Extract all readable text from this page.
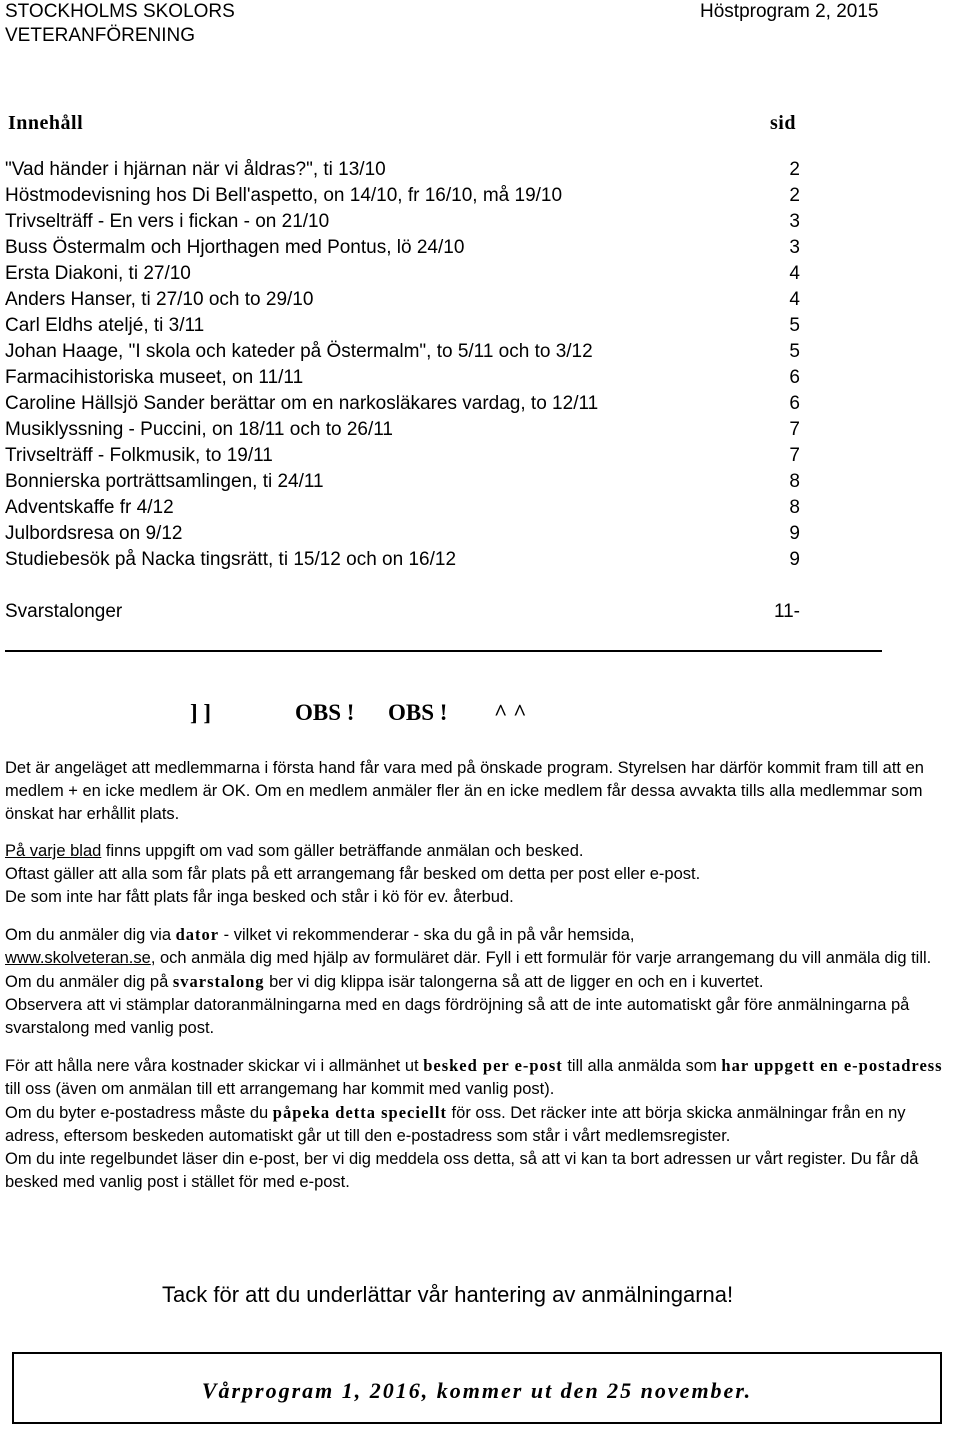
STOCKHOLMS SKOLORS
VETERANFÖRENING
Höstprogram 2, 2015
Innehåll	sid
"Vad händer i hjärnan när vi åldras?", ti 13/10	2
Höstmodevisning hos Di Bell'aspetto, on 14/10, fr 16/10, må 19/10	2
Trivselträff - En vers i fickan - on 21/10	3
Buss Östermalm och Hjorthagen med Pontus, lö 24/10	3
Ersta Diakoni, ti 27/10	4
Anders Hanser, ti 27/10 och to 29/10	4
Carl Eldhs ateljé, ti 3/11	5
Johan Haage, "I skola och kateder på Östermalm", to 5/11 och to 3/12	5
Farmacihistoriska museet, on 11/11	6
Caroline Hällsjö Sander berättar om en narkosläkares vardag, to 12/11	6
Musiklyssning - Puccini, on 18/11 och to 26/11	7
Trivselträff - Folkmusik, to 19/11	7
Bonnierska porträttsamlingen, ti 24/11	8
Adventskaffe fr 4/12	8
Julbordsresa on 9/12	9
Studiebesök på Nacka tingsrätt, ti 15/12 och on 16/12	9
Svarstalonger	11-
] ]	OBS ! OBS ! ^ ^

Det är angeläget att medlemmarna i första hand får vara med på önskade program. Styrelsen har därför kommit fram till att en medlem + en icke medlem är OK. Om en medlem anmäler fler än en icke medlem får dessa avvakta tills alla medlemmar som önskat har erhållit plats.

På varje blad finns uppgift om vad som gäller beträffande anmälan och besked.

Oftast gäller att alla som får plats på ett arrangemang får besked om detta per post eller e-post.

De som inte har fått plats får inga besked och står i kö för ev. återbud.

Om du anmäler dig via dator - vilket vi rekommenderar - ska du gå in på vår hemsida,
www.skolveteran.se, och anmäla dig med hjälp av formuläret där. Fyll i ett formulär för varje arrangemang du vill anmäla dig till.

Om du anmäler dig på svarstalong ber vi dig klippa isär talongerna så att de ligger en och en i kuvertet.

Observera att vi stämplar datoranmälningarna med en dags fördröjning så att de inte automatiskt går före anmälningarna på svarstalong med vanlig post.

För att hålla nere våra kostnader skickar vi i allmänhet ut besked per e-post till alla anmälda som har uppgett en e-postadress till oss (även om anmälan till ett arrangemang har kommit med vanlig post).

Om du byter e-postadress måste du påpeka detta speciellt för oss. Det räcker inte att börja skicka anmälningar från en ny adress, eftersom beskeden automatiskt går ut till den e-postadress som står i vårt medlemsregister.

Om du inte regelbundet läser din e-post, ber vi dig meddela oss detta, så att vi kan ta bort adressen ur vårt register. Du får då besked med vanlig post i stället för med e-post.

Tack för att du underlättar vår hantering av anmälningarna!
Vårprogram 1, 2016, kommer ut den 25 november.
